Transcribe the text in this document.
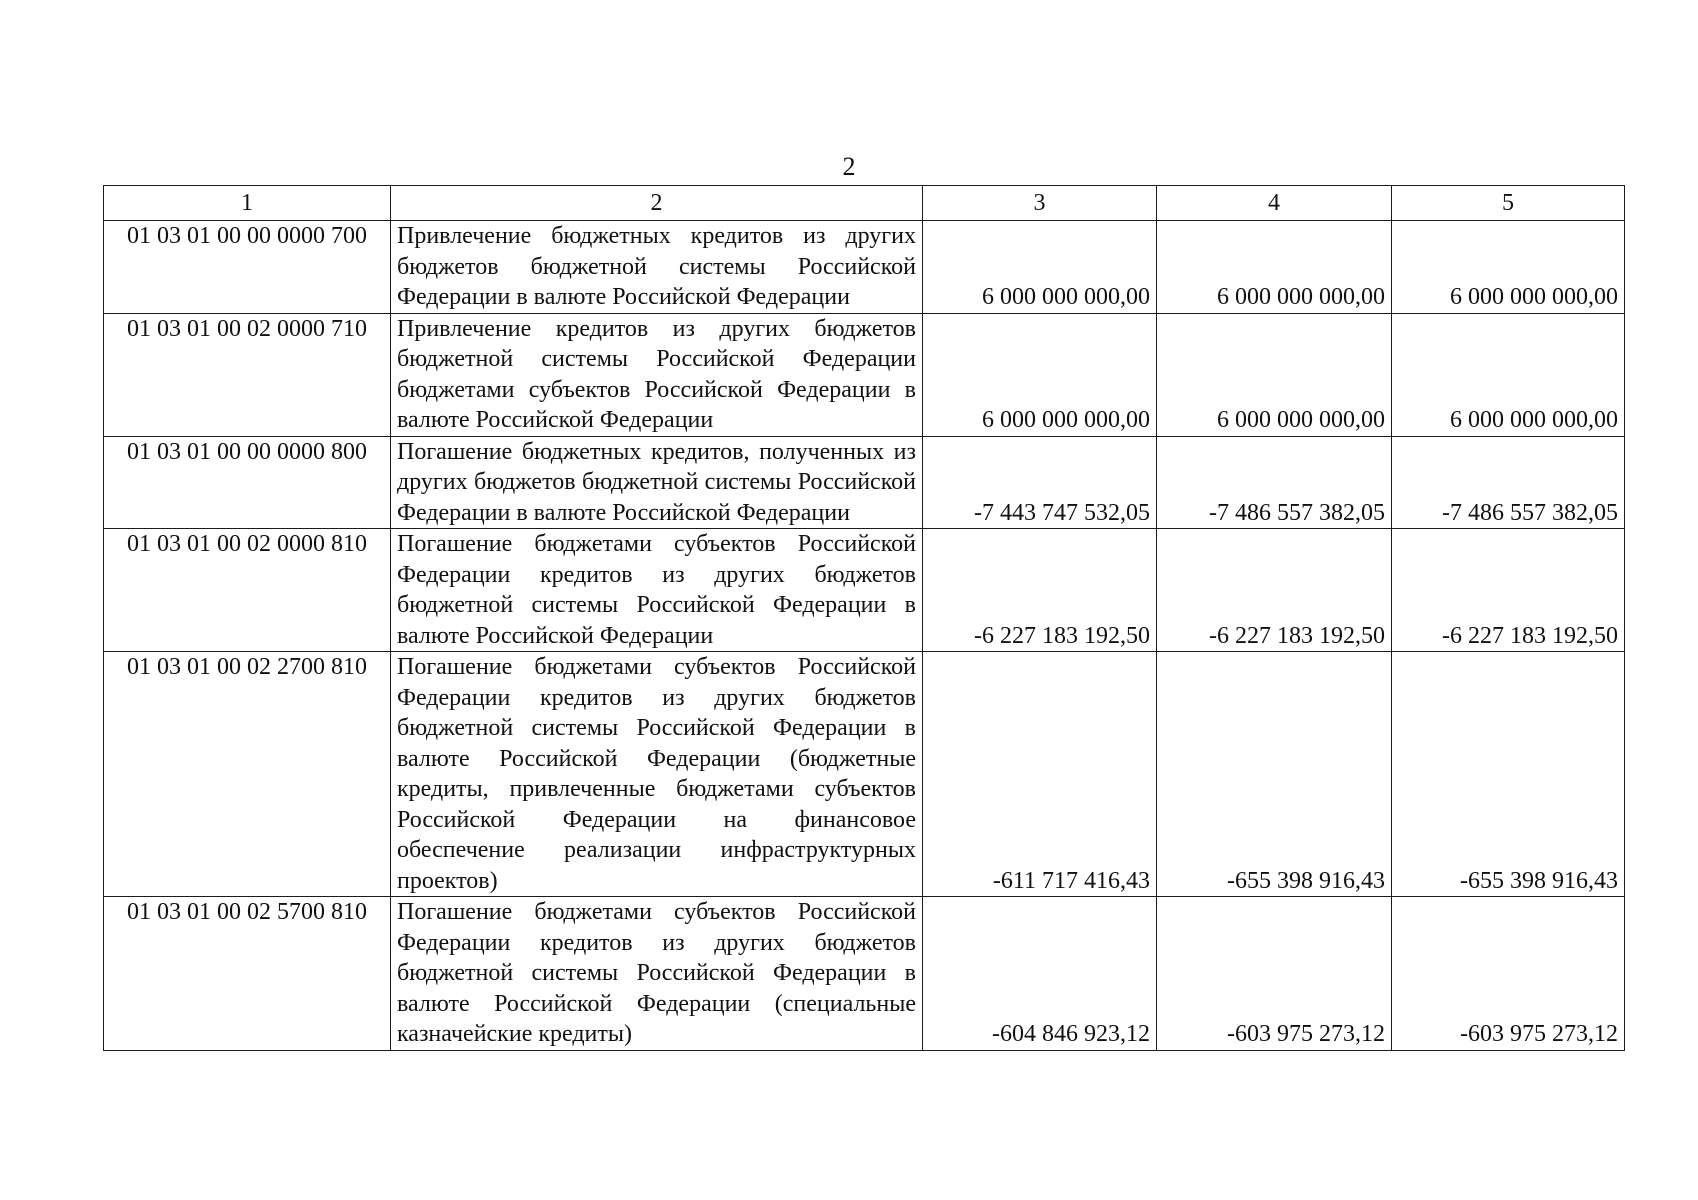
2
1	2	3	4	5
01 03 01 00 00 0000 700	Привлечение бюджетных кредитов из других бюджетов бюджетной системы Российской Федерации в валюте Российской Федерации	6 000 000 000,00	6 000 000 000,00	6 000 000 000,00
01 03 01 00 02 0000 710	Привлечение кредитов из других бюджетов бюджетной системы Российской Федерации бюджетами субъектов Российской Федерации в валюте Российской Федерации	6 000 000 000,00	6 000 000 000,00	6 000 000 000,00
01 03 01 00 00 0000 800	Погашение бюджетных кредитов, полученных из других бюджетов бюджетной системы Российской Федерации в валюте Российской Федерации	-7 443 747 532,05	-7 486 557 382,05	-7 486 557 382,05
01 03 01 00 02 0000 810	Погашение бюджетами субъектов Российской Федерации кредитов из других бюджетов бюджетной системы Российской Федерации в валюте Российской Федерации	-6 227 183 192,50	-6 227 183 192,50	-6 227 183 192,50
01 03 01 00 02 2700 810	Погашение бюджетами субъектов Российской Федерации кредитов из других бюджетов бюджетной системы Российской Федерации в валюте Российской Федерации (бюджетные кредиты, привлеченные бюджетами субъектов Российской Федерации на финансовое обеспечение реализации инфраструктурных проектов)	-611 717 416,43	-655 398 916,43	-655 398 916,43
01 03 01 00 02 5700 810	Погашение бюджетами субъектов Российской Федерации кредитов из других бюджетов бюджетной системы Российской Федерации в валюте Российской Федерации (специальные казначейские кредиты)	-604 846 923,12	-603 975 273,12	-603 975 273,12
